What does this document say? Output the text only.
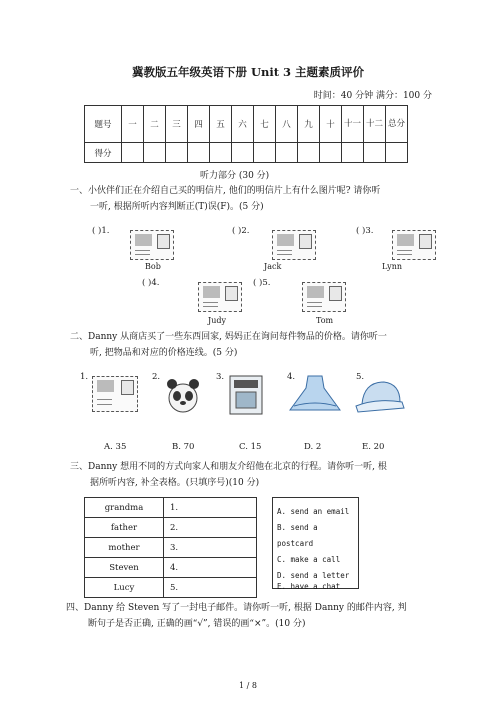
冀教版五年级英语下册 Unit 3 主题素质评价
时间：40 分钟 满分：100 分
题号	一	二	三	四	五	六	七	八	九	十	十一	十二	总分
得分													
听力部分 (30 分)
一、小伙伴们正在介绍自己买的明信片, 他们的明信片上有什么图片呢? 请你听
一听, 根据所听内容判断正(T)误(F)。(5 分)
( )1.
Bob
( )2.
Jack
( )3.
Lynn
( )4.
Judy
( )5.
Tom
二、Danny 从商店买了一些东西回家, 妈妈正在询问每件物品的价格。请你听一
听, 把物品和对应的价格连线。(5 分)
1.	2.	3.	4.	5.
A. 35	B. 70	C. 15	D. 2	E. 20
三、Danny 想用不同的方式向家人和朋友介绍他在北京的行程。请你听一听, 根
据所听内容, 补全表格。(只填序号)(10 分)
grandma	1.
father	2.
mother	3.
Steven	4.
Lucy	5.
A. send an email
B. send a postcard
C. make a call
D. send a letter
E. have a chat
四、Danny 给 Steven 写了一封电子邮件。请你听一听, 根据 Danny 的邮件内容, 判
断句子是否正确, 正确的画“√”, 错误的画“×”。(10 分)
1 / 8
